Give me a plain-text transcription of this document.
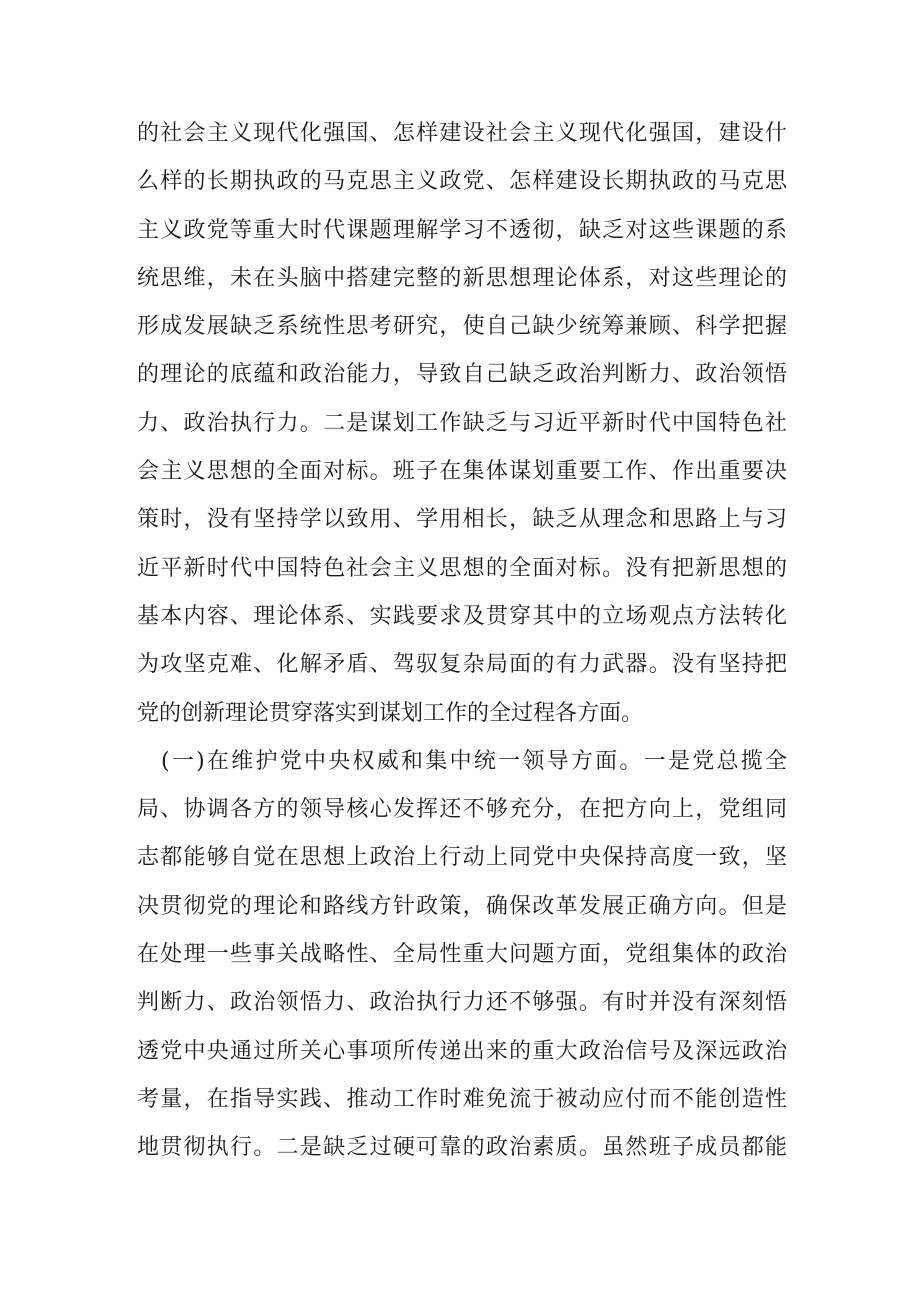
的社会主义现代化强国、怎样建设社会主义现代化强国，建设什
么样的长期执政的马克思主义政党、怎样建设长期执政的马克思
主义政党等重大时代课题理解学习不透彻，缺乏对这些课题的系
统思维，未在头脑中搭建完整的新思想理论体系，对这些理论的
形成发展缺乏系统性思考研究，使自己缺少统筹兼顾、科学把握
的理论的底蕴和政治能力，导致自己缺乏政治判断力、政治领悟
力、政治执行力。二是谋划工作缺乏与习近平新时代中国特色社
会主义思想的全面对标。班子在集体谋划重要工作、作出重要决
策时，没有坚持学以致用、学用相长，缺乏从理念和思路上与习
近平新时代中国特色社会主义思想的全面对标。没有把新思想的
基本内容、理论体系、实践要求及贯穿其中的立场观点方法转化
为攻坚克难、化解矛盾、驾驭复杂局面的有力武器。没有坚持把
党的创新理论贯穿落实到谋划工作的全过程各方面。
(一)在维护党中央权威和集中统一领导方面。一是党总揽全
局、协调各方的领导核心发挥还不够充分，在把方向上，党组同
志都能够自觉在思想上政治上行动上同党中央保持高度一致，坚
决贯彻党的理论和路线方针政策，确保改革发展正确方向。但是
在处理一些事关战略性、全局性重大问题方面，党组集体的政治
判断力、政治领悟力、政治执行力还不够强。有时并没有深刻悟
透党中央通过所关心事项所传递出来的重大政治信号及深远政治
考量，在指导实践、推动工作时难免流于被动应付而不能创造性
地贯彻执行。二是缺乏过硬可靠的政治素质。虽然班子成员都能
